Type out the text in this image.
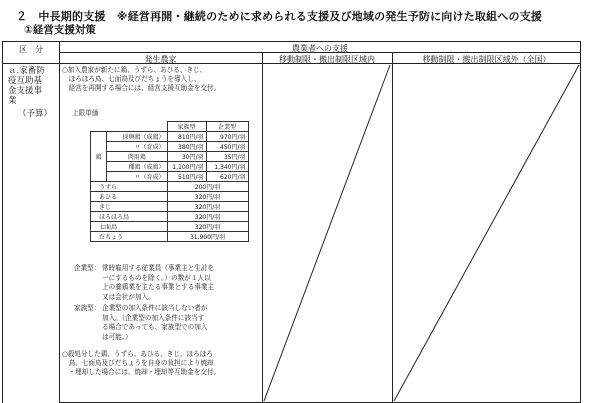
２　中長期的支援　※経営再開・継続のために求められる支援及び地域の発生予防に向けた取組への支援
①経営支援対策
区　分	農業者への支援
発生農家	移動制限・搬出制限区域内	移動制限・搬出制限区域外（全国）
ａ.家畜防
疫互助基
金支援事
業
（予算）
○加入農家が新たに鶏、うずら、あひる、きじ、
　ほろほろ鳥、七面鳥及びだちょうを導入し、
　経営を再開する場合には、経営支援互助金を交付。
上限単価
		家族型	企業型
鶏	採卵鶏（成鶏）	810円/羽	970円/羽
	〃（育成）	380円/羽	450円/羽
	肉用鶏	30円/羽	35円/羽
	種鶏（成鶏）	1,100円/羽	1,340円/羽
	〃（育成）	510円/羽	620円/羽
うずら		200円/羽	
あひる		320円/羽	
きじ		320円/羽	
ほろほろ鳥		320円/羽	
七面鳥		320円/羽	
だちょう		31,900円/羽	
企業型： 常時雇用する従業員（事業主と生計を
一にするものを除く。）の数が１人以
上の養鶏業を主たる事業とする事業主
又は会社が加入。
家族型： 企業型の加入条件に該当しない者が
加入。（企業型の加入条件に該当す
る場合であっても、家族型での加入
は可能。）
○殺処分した鶏、うずら、あひる、きじ、ほろほろ
　鳥、七面鳥及びだちょうを自身の負担により焼却
　・埋却した場合には、焼却・埋却等互助金を交付。
